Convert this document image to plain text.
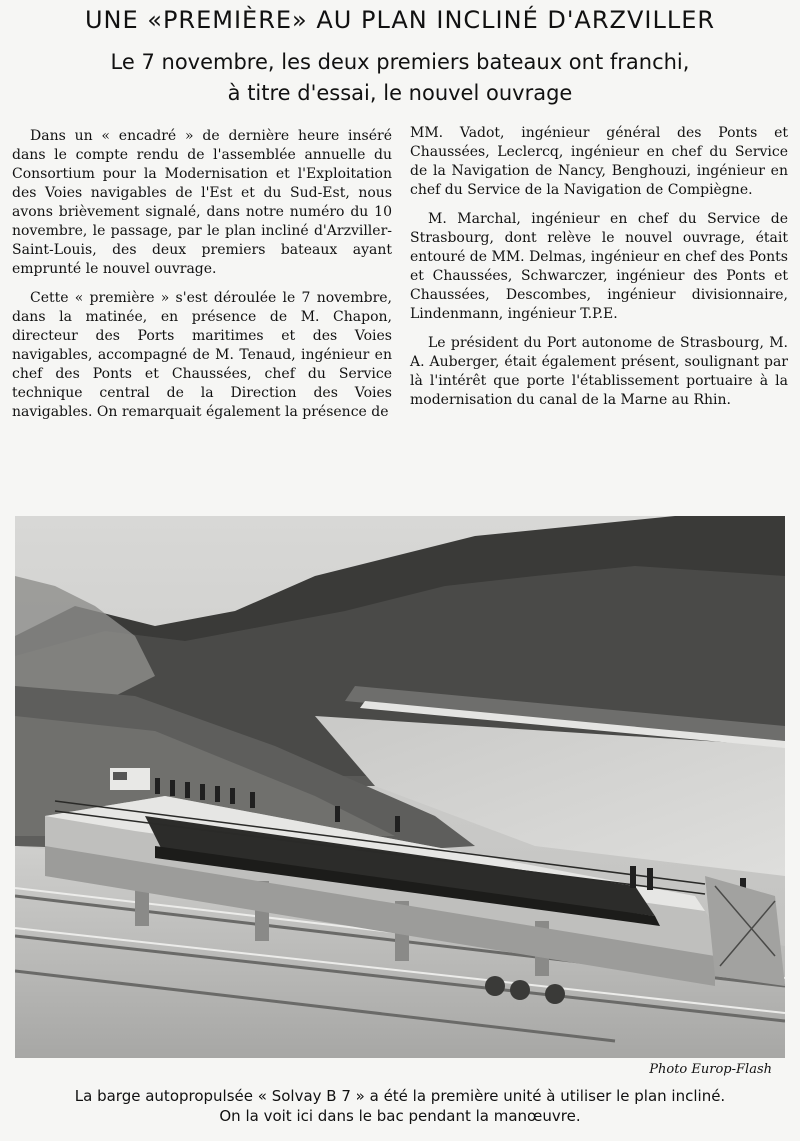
UNE «PREMIÈRE» AU PLAN INCLINÉ D'ARZVILLER
Le 7 novembre, les deux premiers bateaux ont franchi,
à titre d'essai, le nouvel ouvrage

Dans un « encadré » de dernière heure inséré dans le compte rendu de l'assemblée annuelle du Consortium pour la Modernisation et l'Exploitation des Voies navigables de l'Est et du Sud-Est, nous avons brièvement signalé, dans notre numéro du 10 novembre, le passage, par le plan incliné d'Arzviller-Saint-Louis, des deux premiers bateaux ayant emprunté le nouvel ouvrage.

Cette « première » s'est déroulée le 7 novembre, dans la matinée, en présence de M. Chapon, directeur des Ports maritimes et des Voies navigables, accompagné de M. Tenaud, ingénieur en chef des Ponts et Chaussées, chef du Service technique central de la Direction des Voies navigables. On remarquait également la présence de

MM. Vadot, ingénieur général des Ponts et Chaussées, Leclercq, ingénieur en chef du Service de la Navigation de Nancy, Benghouzi, ingénieur en chef du Service de la Navigation de Compiègne.

M. Marchal, ingénieur en chef du Service de Strasbourg, dont relève le nouvel ouvrage, était entouré de MM. Delmas, ingénieur en chef des Ponts et Chaussées, Schwarczer, ingénieur des Ponts et Chaussées, Descombes, ingénieur divisionnaire, Lindenmann, ingénieur T.P.E.

Le président du Port autonome de Strasbourg, M. A. Auberger, était également présent, soulignant par là l'intérêt que porte l'établissement portuaire à la modernisation du canal de la Marne au Rhin.

Photo Europ-Flash
La barge autopropulsée « Solvay B 7 » a été la première unité à utiliser le plan incliné.
On la voit ici dans le bac pendant la manœuvre.
